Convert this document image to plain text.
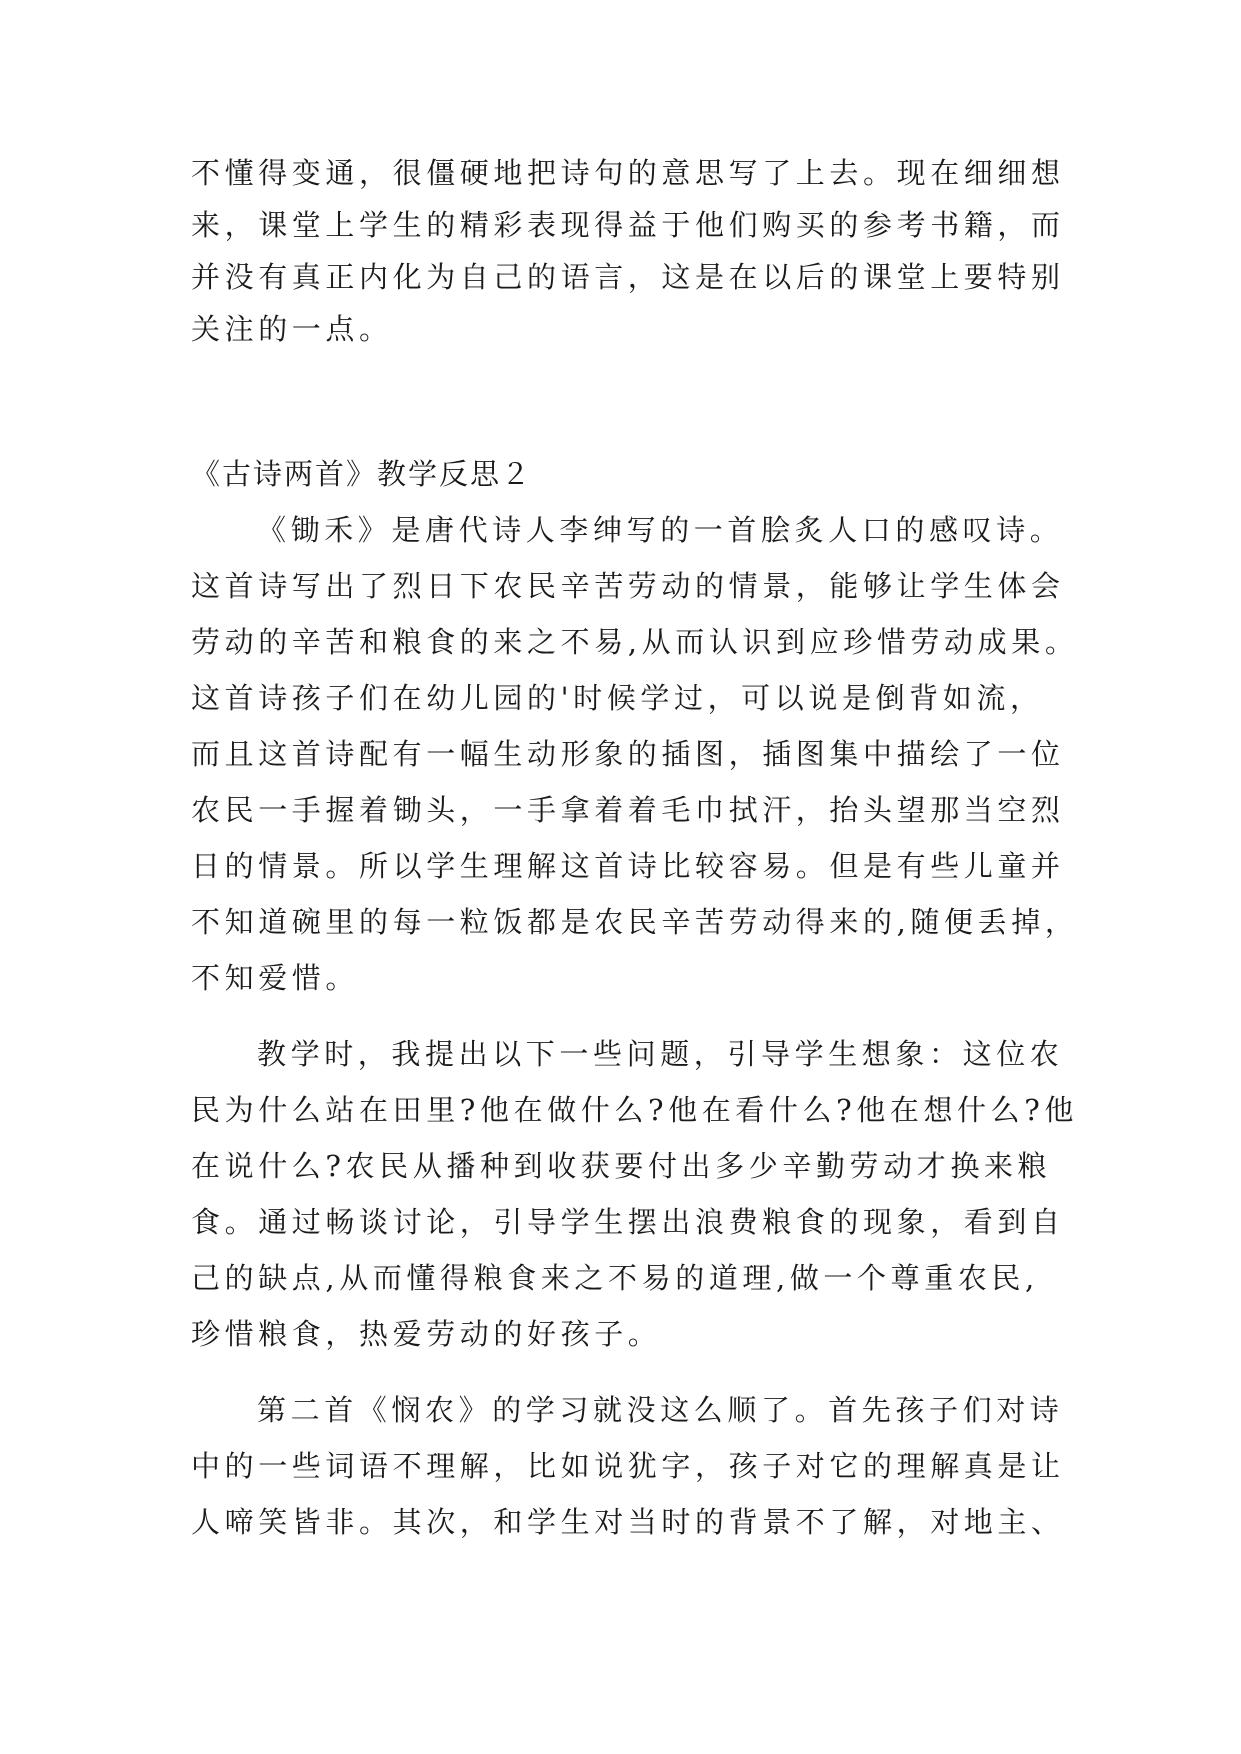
不懂得变通，很僵硬地把诗句的意思写了上去。现在细细想
来，课堂上学生的精彩表现得益于他们购买的参考书籍，而
并没有真正内化为自己的语言，这是在以后的课堂上要特别
关注的一点。
《古诗两首》教学反思２
《锄禾》是唐代诗人李绅写的一首脍炙人口的感叹诗。
这首诗写出了烈日下农民辛苦劳动的情景，能够让学生体会
劳动的辛苦和粮食的来之不易,从而认识到应珍惜劳动成果。
这首诗孩子们在幼儿园的'时候学过，可以说是倒背如流，
而且这首诗配有一幅生动形象的插图，插图集中描绘了一位
农民一手握着锄头，一手拿着着毛巾拭汗，抬头望那当空烈
日的情景。所以学生理解这首诗比较容易。但是有些儿童并
不知道碗里的每一粒饭都是农民辛苦劳动得来的,随便丢掉，
不知爱惜。
教学时，我提出以下一些问题，引导学生想象：这位农
民为什么站在田里?他在做什么?他在看什么?他在想什么?他
在说什么?农民从播种到收获要付出多少辛勤劳动才换来粮
食。通过畅谈讨论，引导学生摆出浪费粮食的现象，看到自
己的缺点,从而懂得粮食来之不易的道理,做一个尊重农民,
珍惜粮食，热爱劳动的好孩子。
第二首《悯农》的学习就没这么顺了。首先孩子们对诗
中的一些词语不理解，比如说犹字，孩子对它的理解真是让
人啼笑皆非。其次，和学生对当时的背景不了解，对地主、
